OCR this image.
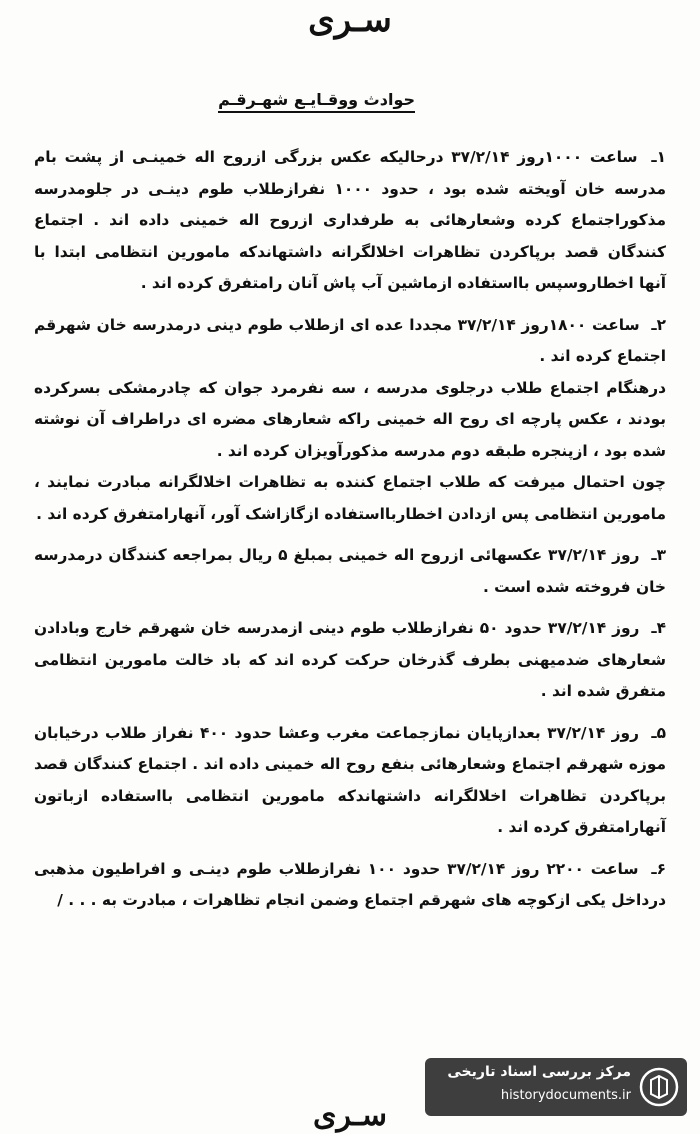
سـری
حوادث ووقـایـع شهـرقـم
۱ـ ساعت ۱۰۰۰روز ۳۷/۲/۱۴ درحالیکه عکس بزرگی ازروح اله خمینـی از پشت بام مدرسه خان آویخته شده بود ، حدود ۱۰۰۰ نفرازطلاب طوم دینـی در جلومدرسه مذکوراجتماع کرده وشعارهائی به طرفداری ازروح اله خمینی داده اند . اجتماع کنندگان قصد برپاکردن تظاهرات اخلالگرانه داشتهاندکه مامورین انتظامی ابتدا با آنها اخطاروسپس بااستفاده ازماشین آب پاش آنان رامتفرق کرده اند .
۲ـ ساعت ۱۸۰۰روز ۳۷/۲/۱۴ مجددا عده ای ازطلاب طوم دینی درمدرسه خان شهرقم اجتماع کرده اند .
درهنگام اجتماع طلاب درجلوی مدرسه ، سه نفرمرد جوان که چادرمشکی بسرکرده بودند ، عکس پارچه ای روح اله خمینی راکه شعارهای مضره ای دراطراف آن نوشته شده بود ، ازپنجره طبقه دوم مدرسه مذکورآویزان کرده اند .
چون احتمال میرفت که طلاب اجتماع کننده به تظاهرات اخلالگرانه مبادرت نمایند ، مامورین انتظامی پس ازدادن اخطاربااستفاده ازگازاشک آور، آنهارامتفرق کرده اند .
۳ـ روز ۳۷/۲/۱۴ عکسهائی ازروح اله خمینی بمبلغ ۵ ریال بمراجعه کنندگان درمدرسه خان فروخته شده است .
۴ـ روز ۳۷/۲/۱۴ حدود ۵۰ نفرازطلاب طوم دینی ازمدرسه خان شهرقم خارج وبادادن شعارهای ضدمیهنی بطرف گذرخان حرکت کرده اند که باد خالت مامورین انتظامی متفرق شده اند .
۵ـ روز ۳۷/۲/۱۴ بعدازپایان نمازجماعت مغرب وعشا حدود ۴۰۰ نفراز طلاب درخیابان موزه شهرقم اجتماع وشعارهائی بنفع روح اله خمینی داده اند . اجتماع کنندگان قصد برپاکردن تظاهرات اخلالگرانه داشتهاندکه مامورین انتظامی بااستفاده ازباتون آنهارامتفرق کرده اند .
۶ـ ساعت ۲۲۰۰ روز ۳۷/۲/۱۴ حدود ۱۰۰ نفرازطلاب طوم دینـی و افراطیون مذهبی درداخل یکی ازکوچه های شهرقم اجتماع وضمن انجام تظاهرات ، مبادرت به . . . /
سـری
مرکز بررسی اسناد تاریخی
historydocuments.ir
